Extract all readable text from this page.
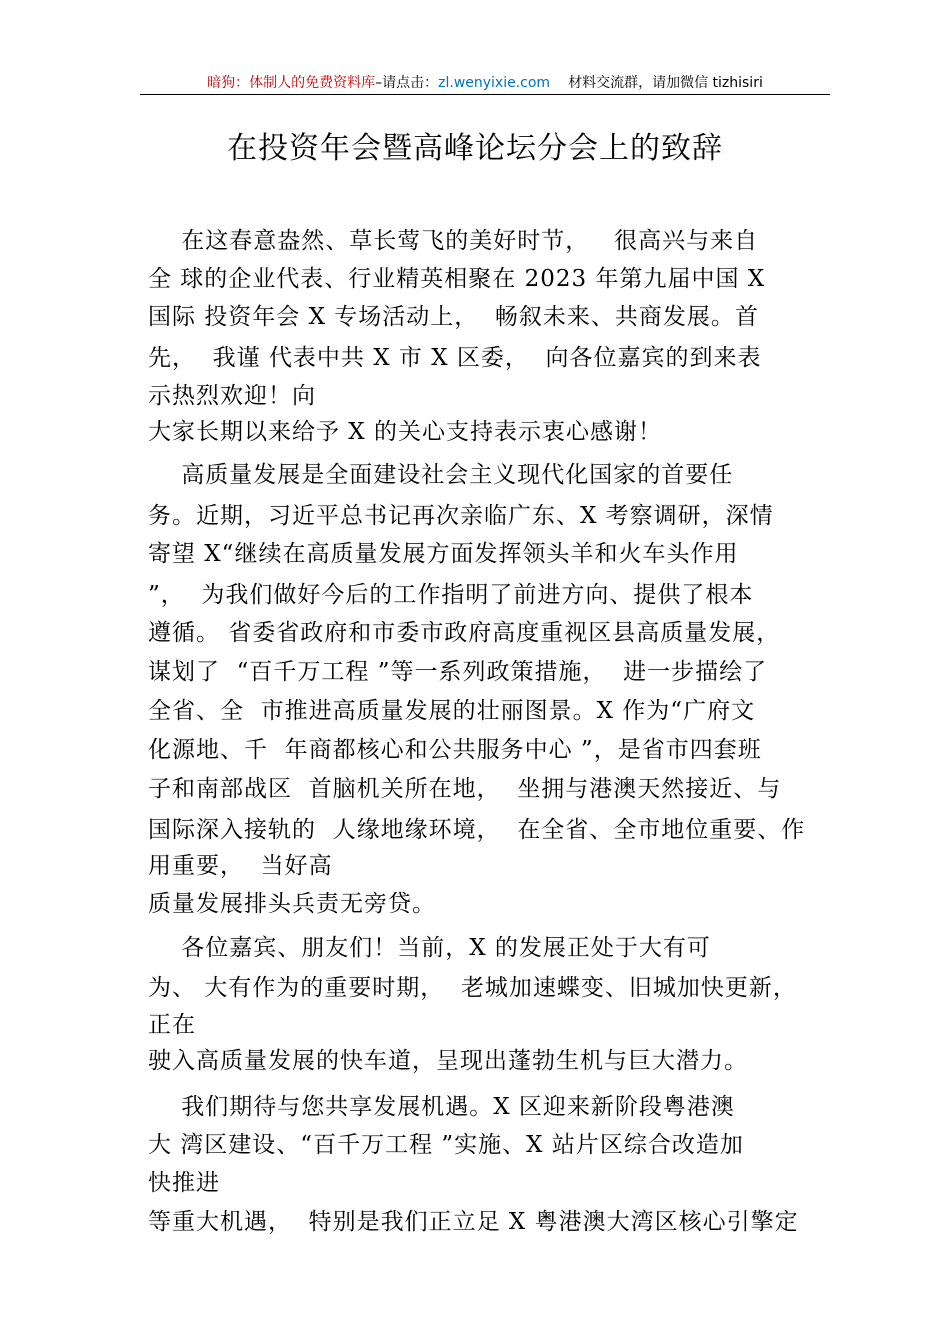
暗狗：体制人的免费资料库–请点击：zl.wenyixie.com 材料交流群，请加微信 tizhisiri
在投资年会暨高峰论坛分会上的致辞
在这春意盎然、草长莺飞的美好时节，   很高兴与来自
全 球的企业代表、行业精英相聚在 2023 年第九届中国 X
国际 投资年会 X 专场活动上，  畅叙未来、共商发展。首
先，  我谨 代表中共 X 市 X 区委，  向各位嘉宾的到来表
示热烈欢迎！向
大家长期以来给予 X 的关心支持表示衷心感谢！
高质量发展是全面建设社会主义现代化国家的首要任
务。近期，习近平总书记再次亲临广东、X 考察调研，深情
寄望 X“继续在高质量发展方面发挥领头羊和火车头作用
”，  为我们做好今后的工作指明了前进方向、提供了根本
遵循。 省委省政府和市委市政府高度重视区县高质量发展，
谋划了  “百千万工程 ”等一系列政策措施，  进一步描绘了
全省、全  市推进高质量发展的壮丽图景。X 作为“广府文
化源地、千  年商都核心和公共服务中心 ”，是省市四套班
子和南部战区  首脑机关所在地，  坐拥与港澳天然接近、与
国际深入接轨的  人缘地缘环境，  在全省、全市地位重要、作
用重要，  当好高
质量发展排头兵责无旁贷。
各位嘉宾、朋友们！当前，X 的发展正处于大有可
为、 大有作为的重要时期，  老城加速蝶变、旧城加快更新，
正在
驶入高质量发展的快车道，呈现出蓬勃生机与巨大潜力。
我们期待与您共享发展机遇。X 区迎来新阶段粤港澳
大 湾区建设、“百千万工程 ”实施、X 站片区综合改造加
快推进
等重大机遇，  特别是我们正立足 X 粤港澳大湾区核心引擎定
